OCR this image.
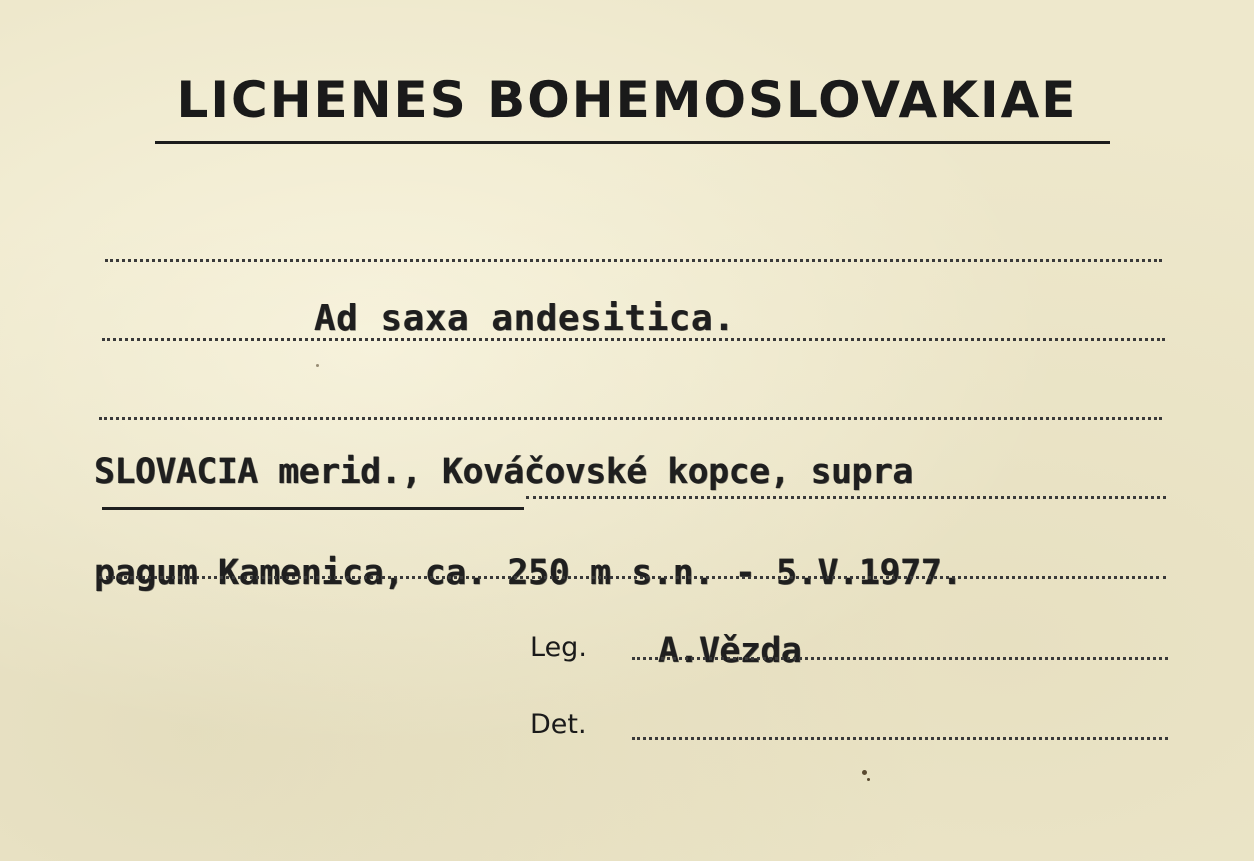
LICHENES BOHEMOSLOVAKIAE
Ad saxa andesitica.
SLOVACIA merid., Kováčovské kopce, supra
pagum Kamenica, ca. 250 m s.n. - 5.V.1977.
Leg. A.Vězda
Det.
